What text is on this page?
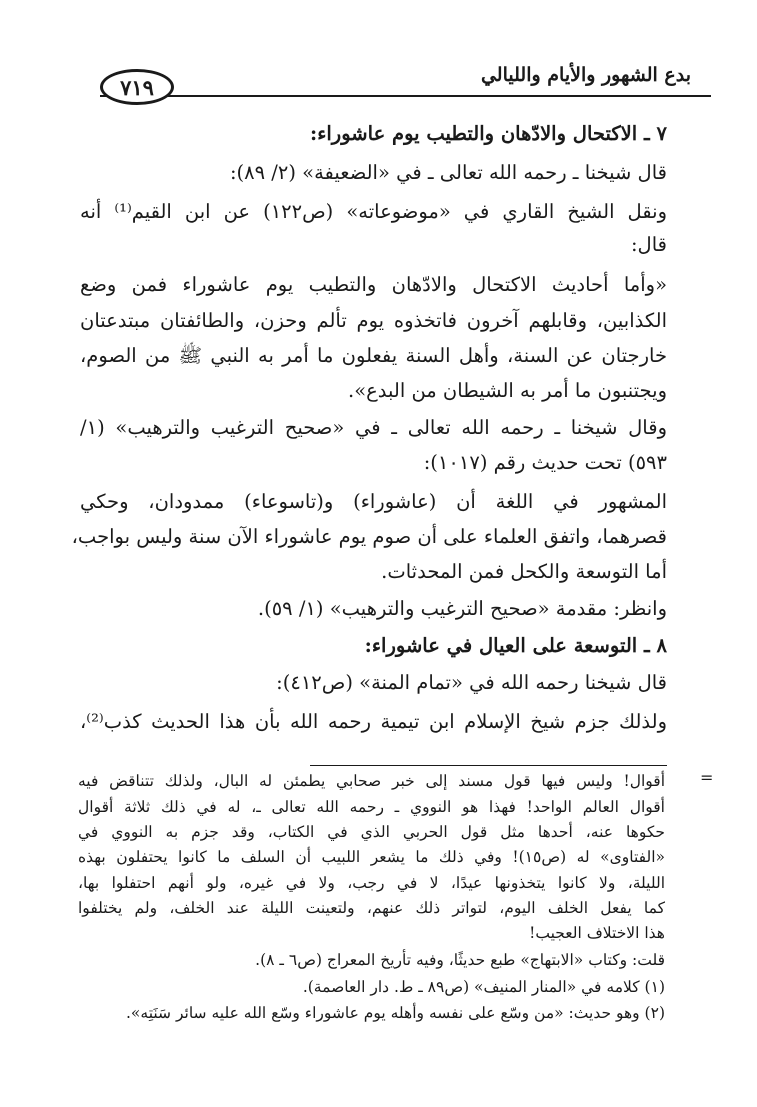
بدع الشهور والأيام والليالي
٧١٩
٧ ـ الاكتحال والادّهان والتطيب يوم عاشوراء:
قال شيخنا ـ رحمه الله تعالى ـ في «الضعيفة» (٢/ ٨٩):
ونقل الشيخ القاري في «موضوعاته» (ص١٢٢) عن ابن القيم⁽¹⁾ أنه
قال:
«وأما أحاديث الاكتحال والادّهان والتطيب يوم عاشوراء فمن وضع
الكذابين، وقابلهم آخرون فاتخذوه يوم تألم وحزن، والطائفتان مبتدعتان
خارجتان عن السنة، وأهل السنة يفعلون ما أمر به النبي ﷺ من الصوم،
ويجتنبون ما أمر به الشيطان من البدع».
وقال شيخنا ـ رحمه الله تعالى ـ في «صحيح الترغيب والترهيب» (١/
٥٩٣) تحت حديث رقم (١٠١٧):
المشهور في اللغة أن (عاشوراء) و(تاسوعاء) ممدودان، وحكي
قصرهما، واتفق العلماء على أن صوم يوم عاشوراء الآن سنة وليس بواجب،
أما التوسعة والكحل فمن المحدثات.
وانظر: مقدمة «صحيح الترغيب والترهيب» (١/ ٥٩).
٨ ـ التوسعة على العيال في عاشوراء:
قال شيخنا رحمه الله في «تمام المنة» (ص٤١٢):
ولذلك جزم شيخ الإسلام ابن تيمية رحمه الله بأن هذا الحديث كذب⁽²⁾،
=
أقوال! وليس فيها قول مسند إلى خبر صحابي يطمئن له البال، ولذلك تتناقض فيه
أقوال العالم الواحد! فهذا هو النووي ـ رحمه الله تعالى ـ، له في ذلك ثلاثة أقوال
حكوها عنه، أحدها مثل قول الحربي الذي في الكتاب، وقد جزم به النووي في
«الفتاوى» له (ص١٥)! وفي ذلك ما يشعر اللبيب أن السلف ما كانوا يحتفلون بهذه
الليلة، ولا كانوا يتخذونها عيدًا، لا في رجب، ولا في غيره، ولو أنهم احتفلوا بها،
كما يفعل الخلف اليوم، لتواتر ذلك عنهم، ولتعينت الليلة عند الخلف، ولم يختلفوا
هذا الاختلاف العجيب!
قلت: وكتاب «الابتهاج» طبع حديثًا، وفيه تأريخ المعراج (ص٦ ـ ٨).
(١) كلامه في «المنار المنيف» (ص٨٩ ـ ط. دار العاصمة).
(٢) وهو حديث: «من وسّع على نفسه وأهله يوم عاشوراء وسّع الله عليه سائر سَنَتِه».
